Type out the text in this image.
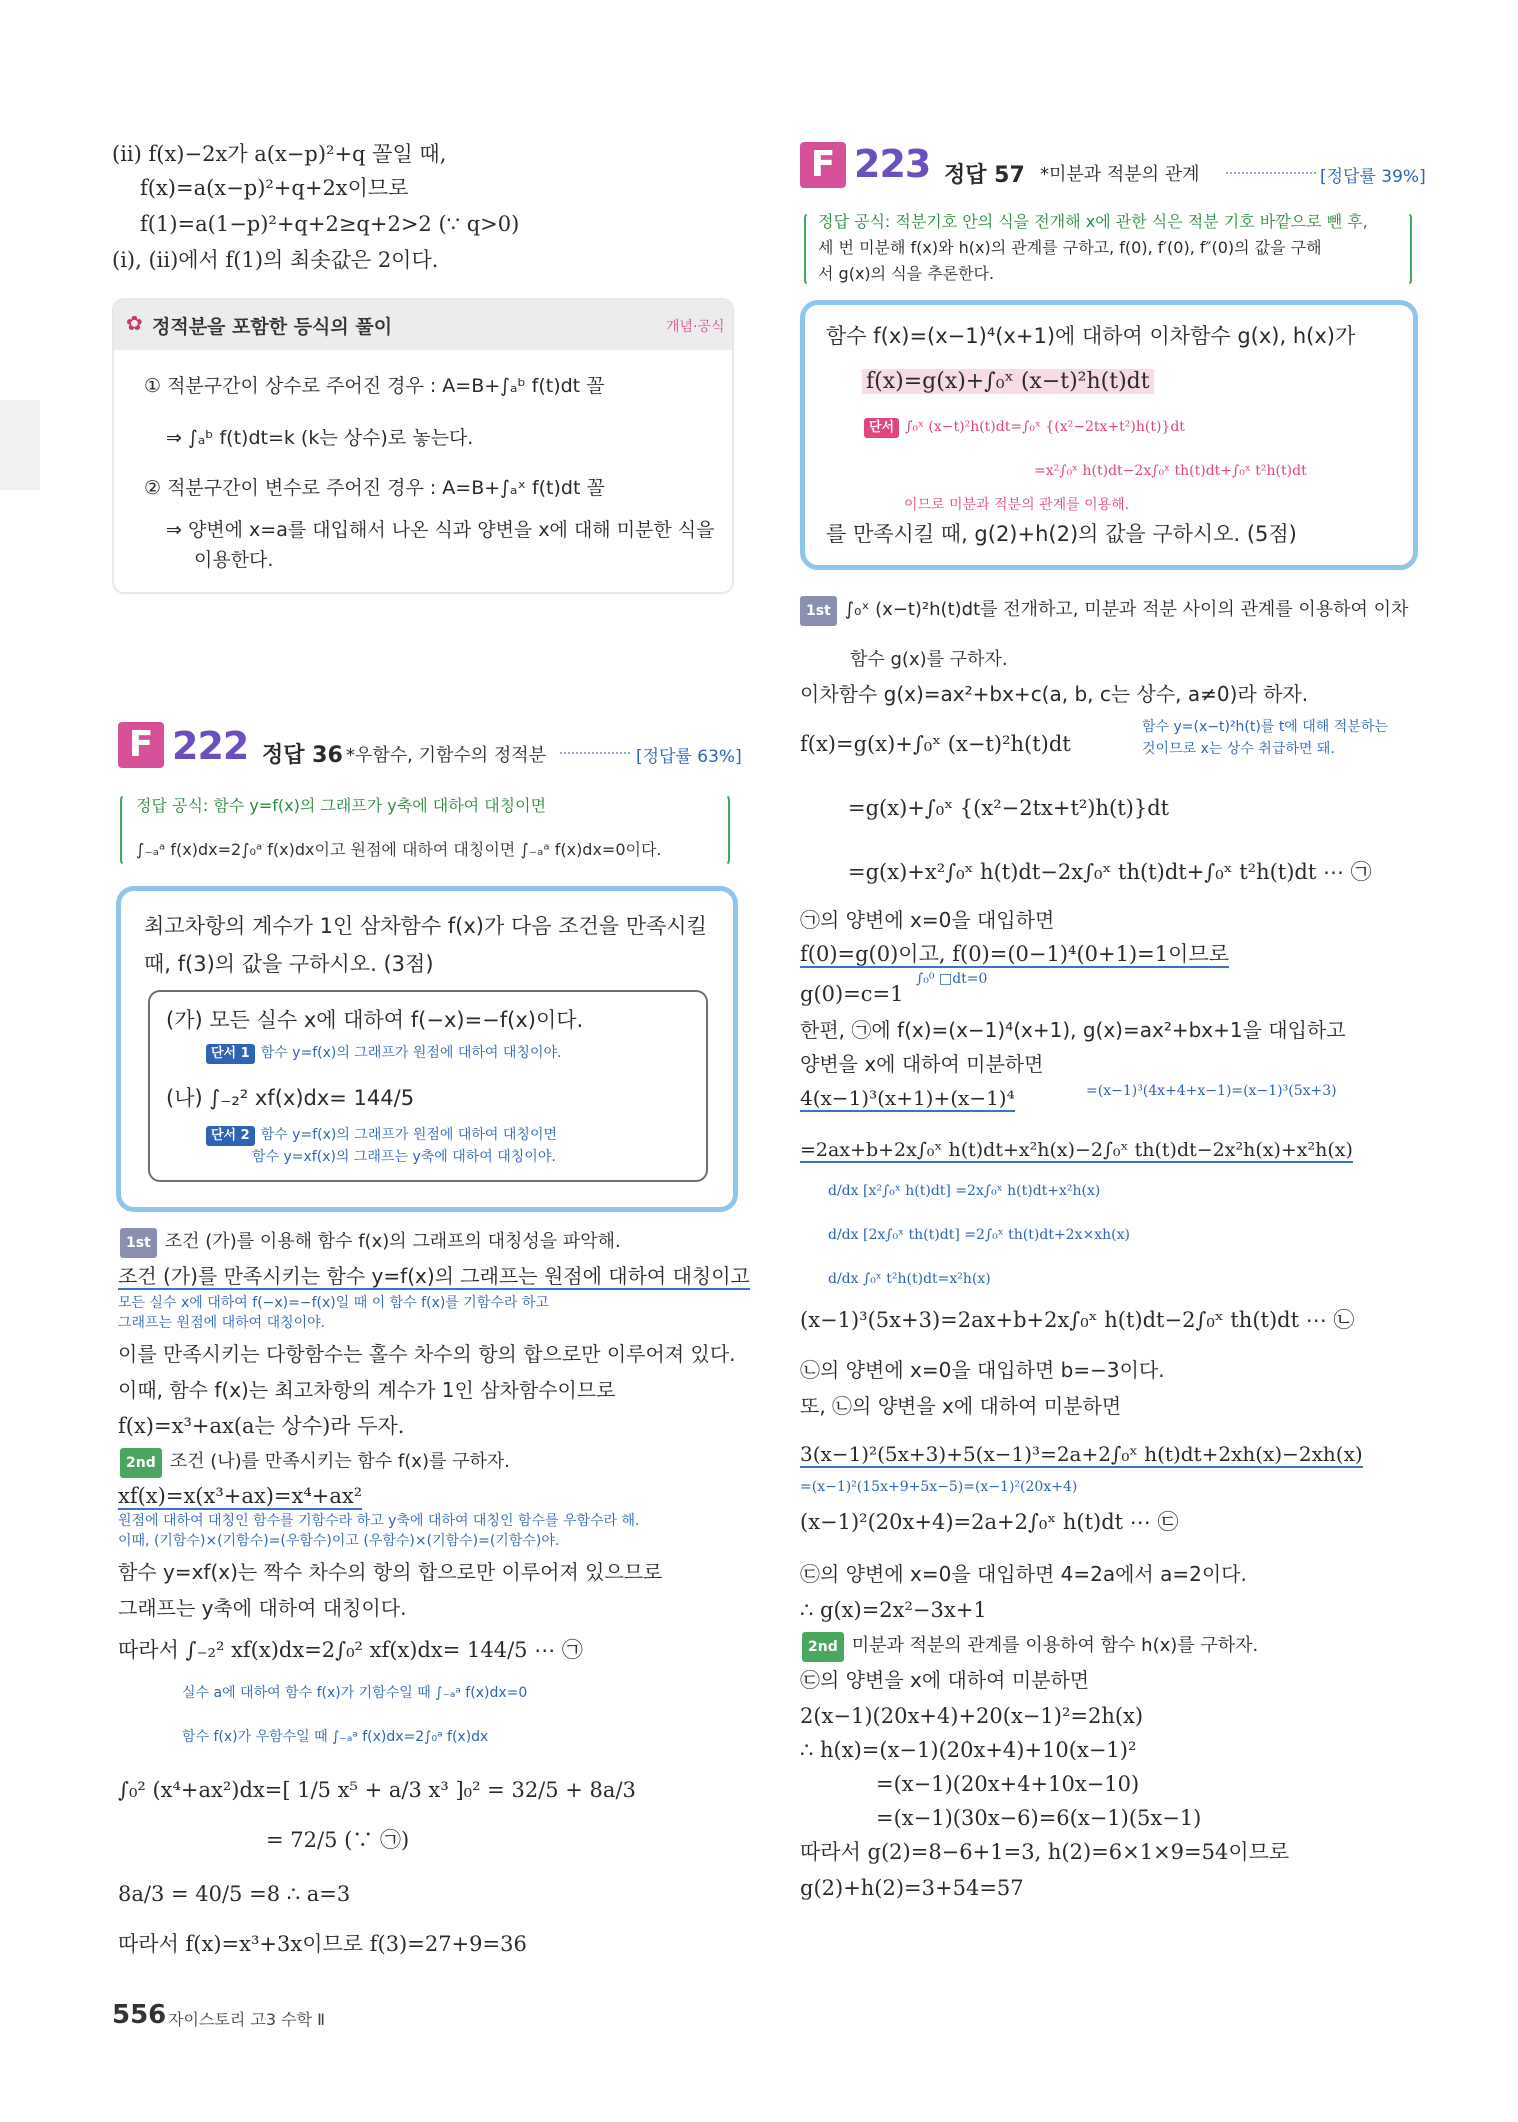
(ii) f(x)−2x가 a(x−p)²+q 꼴일 때,
f(x)=a(x−p)²+q+2x이므로
f(1)=a(1−p)²+q+2≥q+2>2 (∵ q>0)
(i), (ii)에서 f(1)의 최솟값은 2이다.
✿ 정적분을 포함한 등식의 풀이	개념·공식
① 적분구간이 상수로 주어진 경우 : A=B+∫ₐᵇ f(t)dt 꼴
⇒ ∫ₐᵇ f(t)dt=k (k는 상수)로 놓는다.
② 적분구간이 변수로 주어진 경우 : A=B+∫ₐˣ f(t)dt 꼴
⇒ 양변에 x=a를 대입해서 나온 식과 양변을 x에 대해 미분한 식을
이용한다.
F 222 정답 36 *우함수, 기함수의 정적분	[정답률 63%]
정답 공식: 함수 y=f(x)의 그래프가 y축에 대하여 대칭이면
∫₋ₐᵃ f(x)dx=2∫₀ᵃ f(x)dx이고 원점에 대하여 대칭이면 ∫₋ₐᵃ f(x)dx=0이다.
최고차항의 계수가 1인 삼차함수 f(x)가 다음 조건을 만족시킬
때, f(3)의 값을 구하시오. (3점)
(가) 모든 실수 x에 대하여 f(−x)=−f(x)이다.
단서 1 함수 y=f(x)의 그래프가 원점에 대하여 대칭이야.
(나) ∫₋₂² xf(x)dx= 144/5
단서 2 함수 y=f(x)의 그래프가 원점에 대하여 대칭이면
함수 y=xf(x)의 그래프는 y축에 대하여 대칭이야.
1st 조건 (가)를 이용해 함수 f(x)의 그래프의 대칭성을 파악해.
조건 (가)를 만족시키는 함수 y=f(x)의 그래프는 원점에 대하여 대칭이고
모든 실수 x에 대하여 f(−x)=−f(x)일 때 이 함수 f(x)를 기함수라 하고
그래프는 원점에 대하여 대칭이야.
이를 만족시키는 다항함수는 홀수 차수의 항의 합으로만 이루어져 있다.
이때, 함수 f(x)는 최고차항의 계수가 1인 삼차함수이므로
f(x)=x³+ax(a는 상수)라 두자.
2nd 조건 (나)를 만족시키는 함수 f(x)를 구하자.
xf(x)=x(x³+ax)=x⁴+ax²
원점에 대하여 대칭인 함수를 기함수라 하고 y축에 대하여 대칭인 함수를 우함수라 해.
이때, (기함수)×(기함수)=(우함수)이고 (우함수)×(기함수)=(기함수)야.
함수 y=xf(x)는 짝수 차수의 항의 합으로만 이루어져 있으므로
그래프는 y축에 대하여 대칭이다.
따라서 ∫₋₂² xf(x)dx=2∫₀² xf(x)dx= 144/5 ⋯ ㉠
실수 a에 대하여 함수 f(x)가 기함수일 때 ∫₋ₐᵃ f(x)dx=0
함수 f(x)가 우함수일 때 ∫₋ₐᵃ f(x)dx=2∫₀ᵃ f(x)dx
∫₀² (x⁴+ax²)dx=[ 1/5 x⁵ + a/3 x³ ]₀² = 32/5 + 8a/3
= 72/5 (∵ ㉠)
8a/3 = 40/5 =8 ∴ a=3
따라서 f(x)=x³+3x이므로 f(3)=27+9=36
556 자이스토리 고3 수학 Ⅱ
F 223 정답 57 *미분과 적분의 관계	[정답률 39%]
정답 공식: 적분기호 안의 식을 전개해 x에 관한 식은 적분 기호 바깥으로 뺀 후,
세 번 미분해 f(x)와 h(x)의 관계를 구하고, f(0), f′(0), f″(0)의 값을 구해
서 g(x)의 식을 추론한다.
함수 f(x)=(x−1)⁴(x+1)에 대하여 이차함수 g(x), h(x)가
f(x)=g(x)+∫₀ˣ (x−t)²h(t)dt
단서 ∫₀ˣ (x−t)²h(t)dt=∫₀ˣ {(x²−2tx+t²)h(t)}dt
=x²∫₀ˣ h(t)dt−2x∫₀ˣ th(t)dt+∫₀ˣ t²h(t)dt
이므로 미분과 적분의 관계를 이용해.
를 만족시킬 때, g(2)+h(2)의 값을 구하시오. (5점)
1st ∫₀ˣ (x−t)²h(t)dt를 전개하고, 미분과 적분 사이의 관계를 이용하여 이차
함수 g(x)를 구하자.
이차함수 g(x)=ax²+bx+c(a, b, c는 상수, a≠0)라 하자.
f(x)=g(x)+∫₀ˣ (x−t)²h(t)dt
함수 y=(x−t)²h(t)를 t에 대해 적분하는
것이므로 x는 상수 취급하면 돼.
=g(x)+∫₀ˣ {(x²−2tx+t²)h(t)}dt
=g(x)+x²∫₀ˣ h(t)dt−2x∫₀ˣ th(t)dt+∫₀ˣ t²h(t)dt ⋯ ㉠
㉠의 양변에 x=0을 대입하면
f(0)=g(0)이고, f(0)=(0−1)⁴(0+1)=1이므로
g(0)=c=1
∫₀⁰ □dt=0
한편, ㉠에 f(x)=(x−1)⁴(x+1), g(x)=ax²+bx+1을 대입하고
양변을 x에 대하여 미분하면
4(x−1)³(x+1)+(x−1)⁴	=(x−1)³(4x+4+x−1)=(x−1)³(5x+3)
=2ax+b+2x∫₀ˣ h(t)dt+x²h(x)−2∫₀ˣ th(t)dt−2x²h(x)+x²h(x)
d/dx [x²∫₀ˣ h(t)dt] =2x∫₀ˣ h(t)dt+x²h(x)
d/dx [2x∫₀ˣ th(t)dt] =2∫₀ˣ th(t)dt+2x×xh(x)
d/dx ∫₀ˣ t²h(t)dt=x²h(x)
(x−1)³(5x+3)=2ax+b+2x∫₀ˣ h(t)dt−2∫₀ˣ th(t)dt ⋯ ㉡
㉡의 양변에 x=0을 대입하면 b=−3이다.
또, ㉡의 양변을 x에 대하여 미분하면
3(x−1)²(5x+3)+5(x−1)³=2a+2∫₀ˣ h(t)dt+2xh(x)−2xh(x)
=(x−1)²(15x+9+5x−5)=(x−1)²(20x+4)
(x−1)²(20x+4)=2a+2∫₀ˣ h(t)dt ⋯ ㉢
㉢의 양변에 x=0을 대입하면 4=2a에서 a=2이다.
∴ g(x)=2x²−3x+1
2nd 미분과 적분의 관계를 이용하여 함수 h(x)를 구하자.
㉢의 양변을 x에 대하여 미분하면
2(x−1)(20x+4)+20(x−1)²=2h(x)
∴ h(x)=(x−1)(20x+4)+10(x−1)²
=(x−1)(20x+4+10x−10)
=(x−1)(30x−6)=6(x−1)(5x−1)
따라서 g(2)=8−6+1=3, h(2)=6×1×9=54이므로
g(2)+h(2)=3+54=57
